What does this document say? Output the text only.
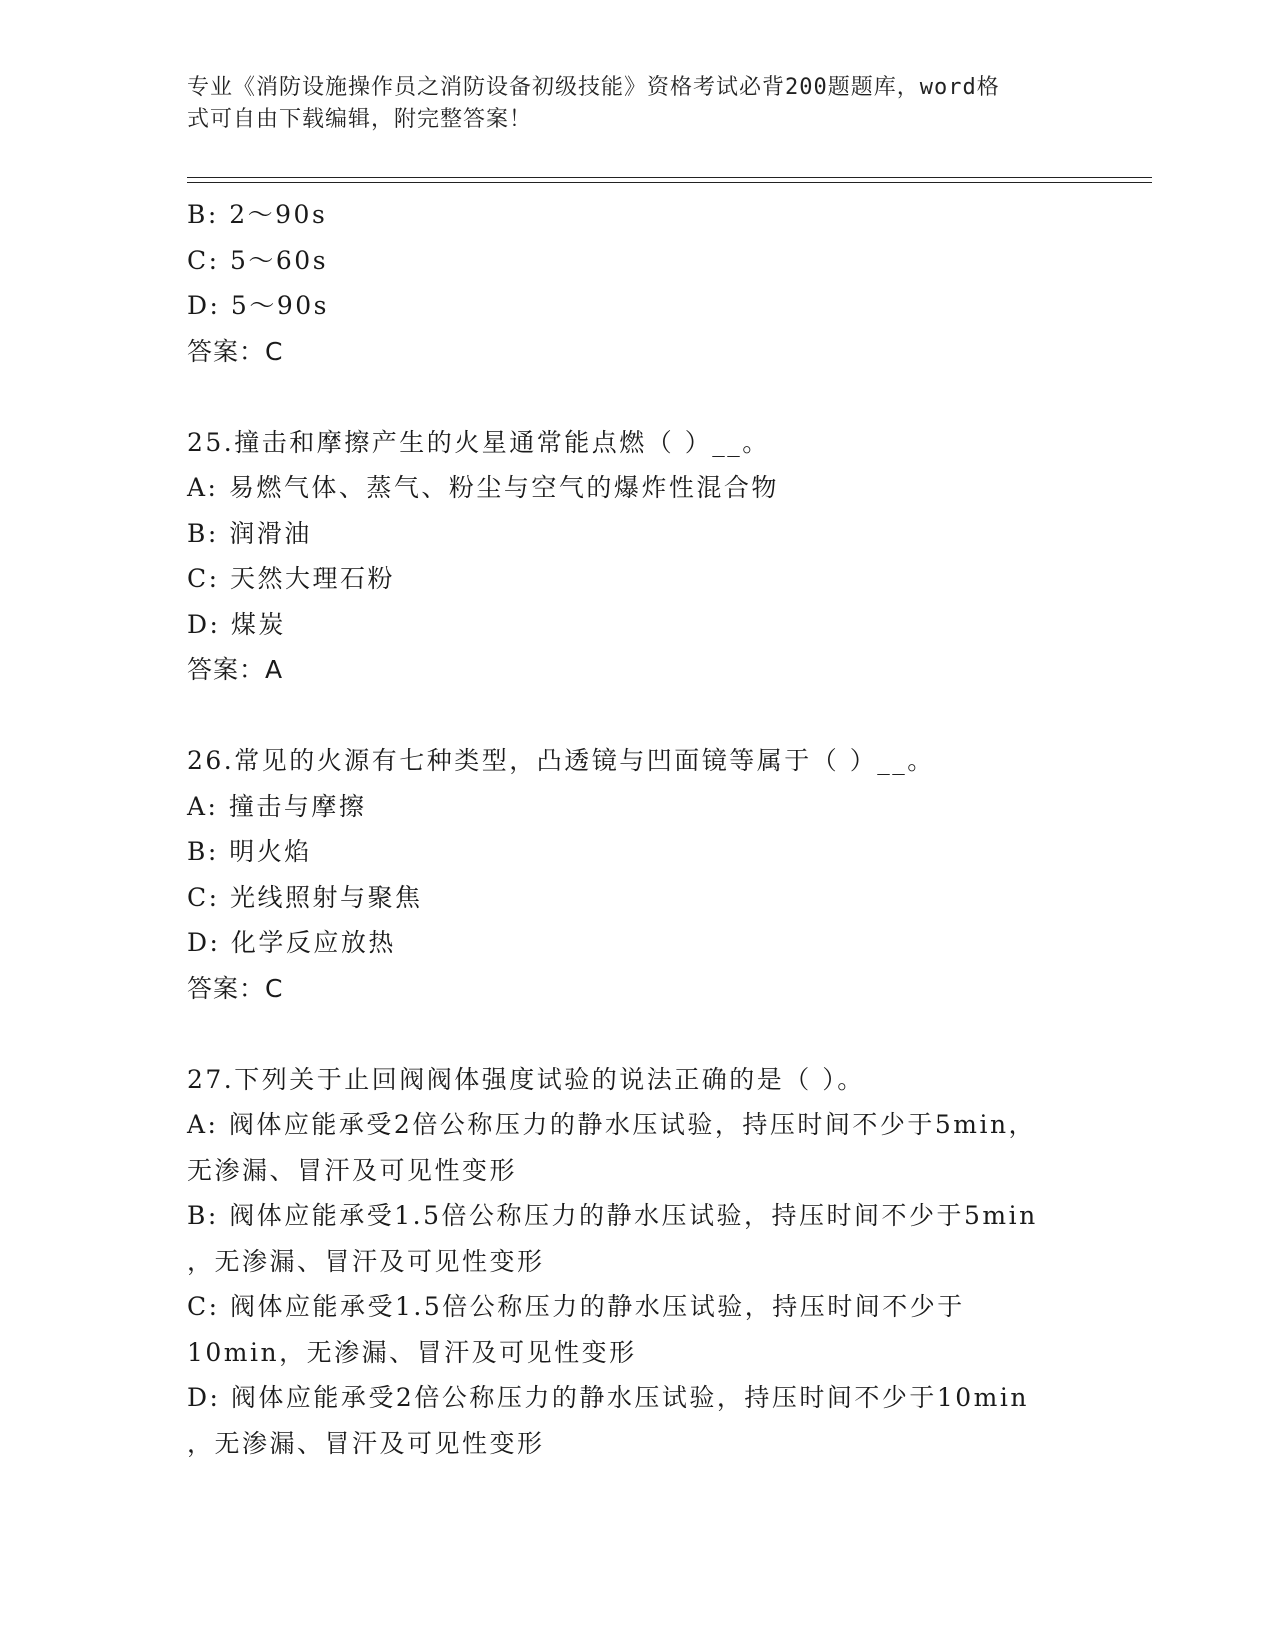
专业《消防设施操作员之消防设备初级技能》资格考试必背200题题库，word格
式可自由下载编辑，附完整答案！
B: 2～90s
C: 5～60s
D: 5～90s
答案：C
25.撞击和摩擦产生的火星通常能点燃（ ）__。
A: 易燃气体、蒸气、粉尘与空气的爆炸性混合物
B: 润滑油
C: 天然大理石粉
D: 煤炭
答案：A
26.常见的火源有七种类型，凸透镜与凹面镜等属于（ ）__。
A: 撞击与摩擦
B: 明火焰
C: 光线照射与聚焦
D: 化学反应放热
答案：C
27.下列关于止回阀阀体强度试验的说法正确的是（ ）。
A: 阀体应能承受2倍公称压力的静水压试验，持压时间不少于5min，
无渗漏、冒汗及可见性变形
B: 阀体应能承受1.5倍公称压力的静水压试验，持压时间不少于5min
，无渗漏、冒汗及可见性变形
C: 阀体应能承受1.5倍公称压力的静水压试验，持压时间不少于
10min，无渗漏、冒汗及可见性变形
D: 阀体应能承受2倍公称压力的静水压试验，持压时间不少于10min
，无渗漏、冒汗及可见性变形
